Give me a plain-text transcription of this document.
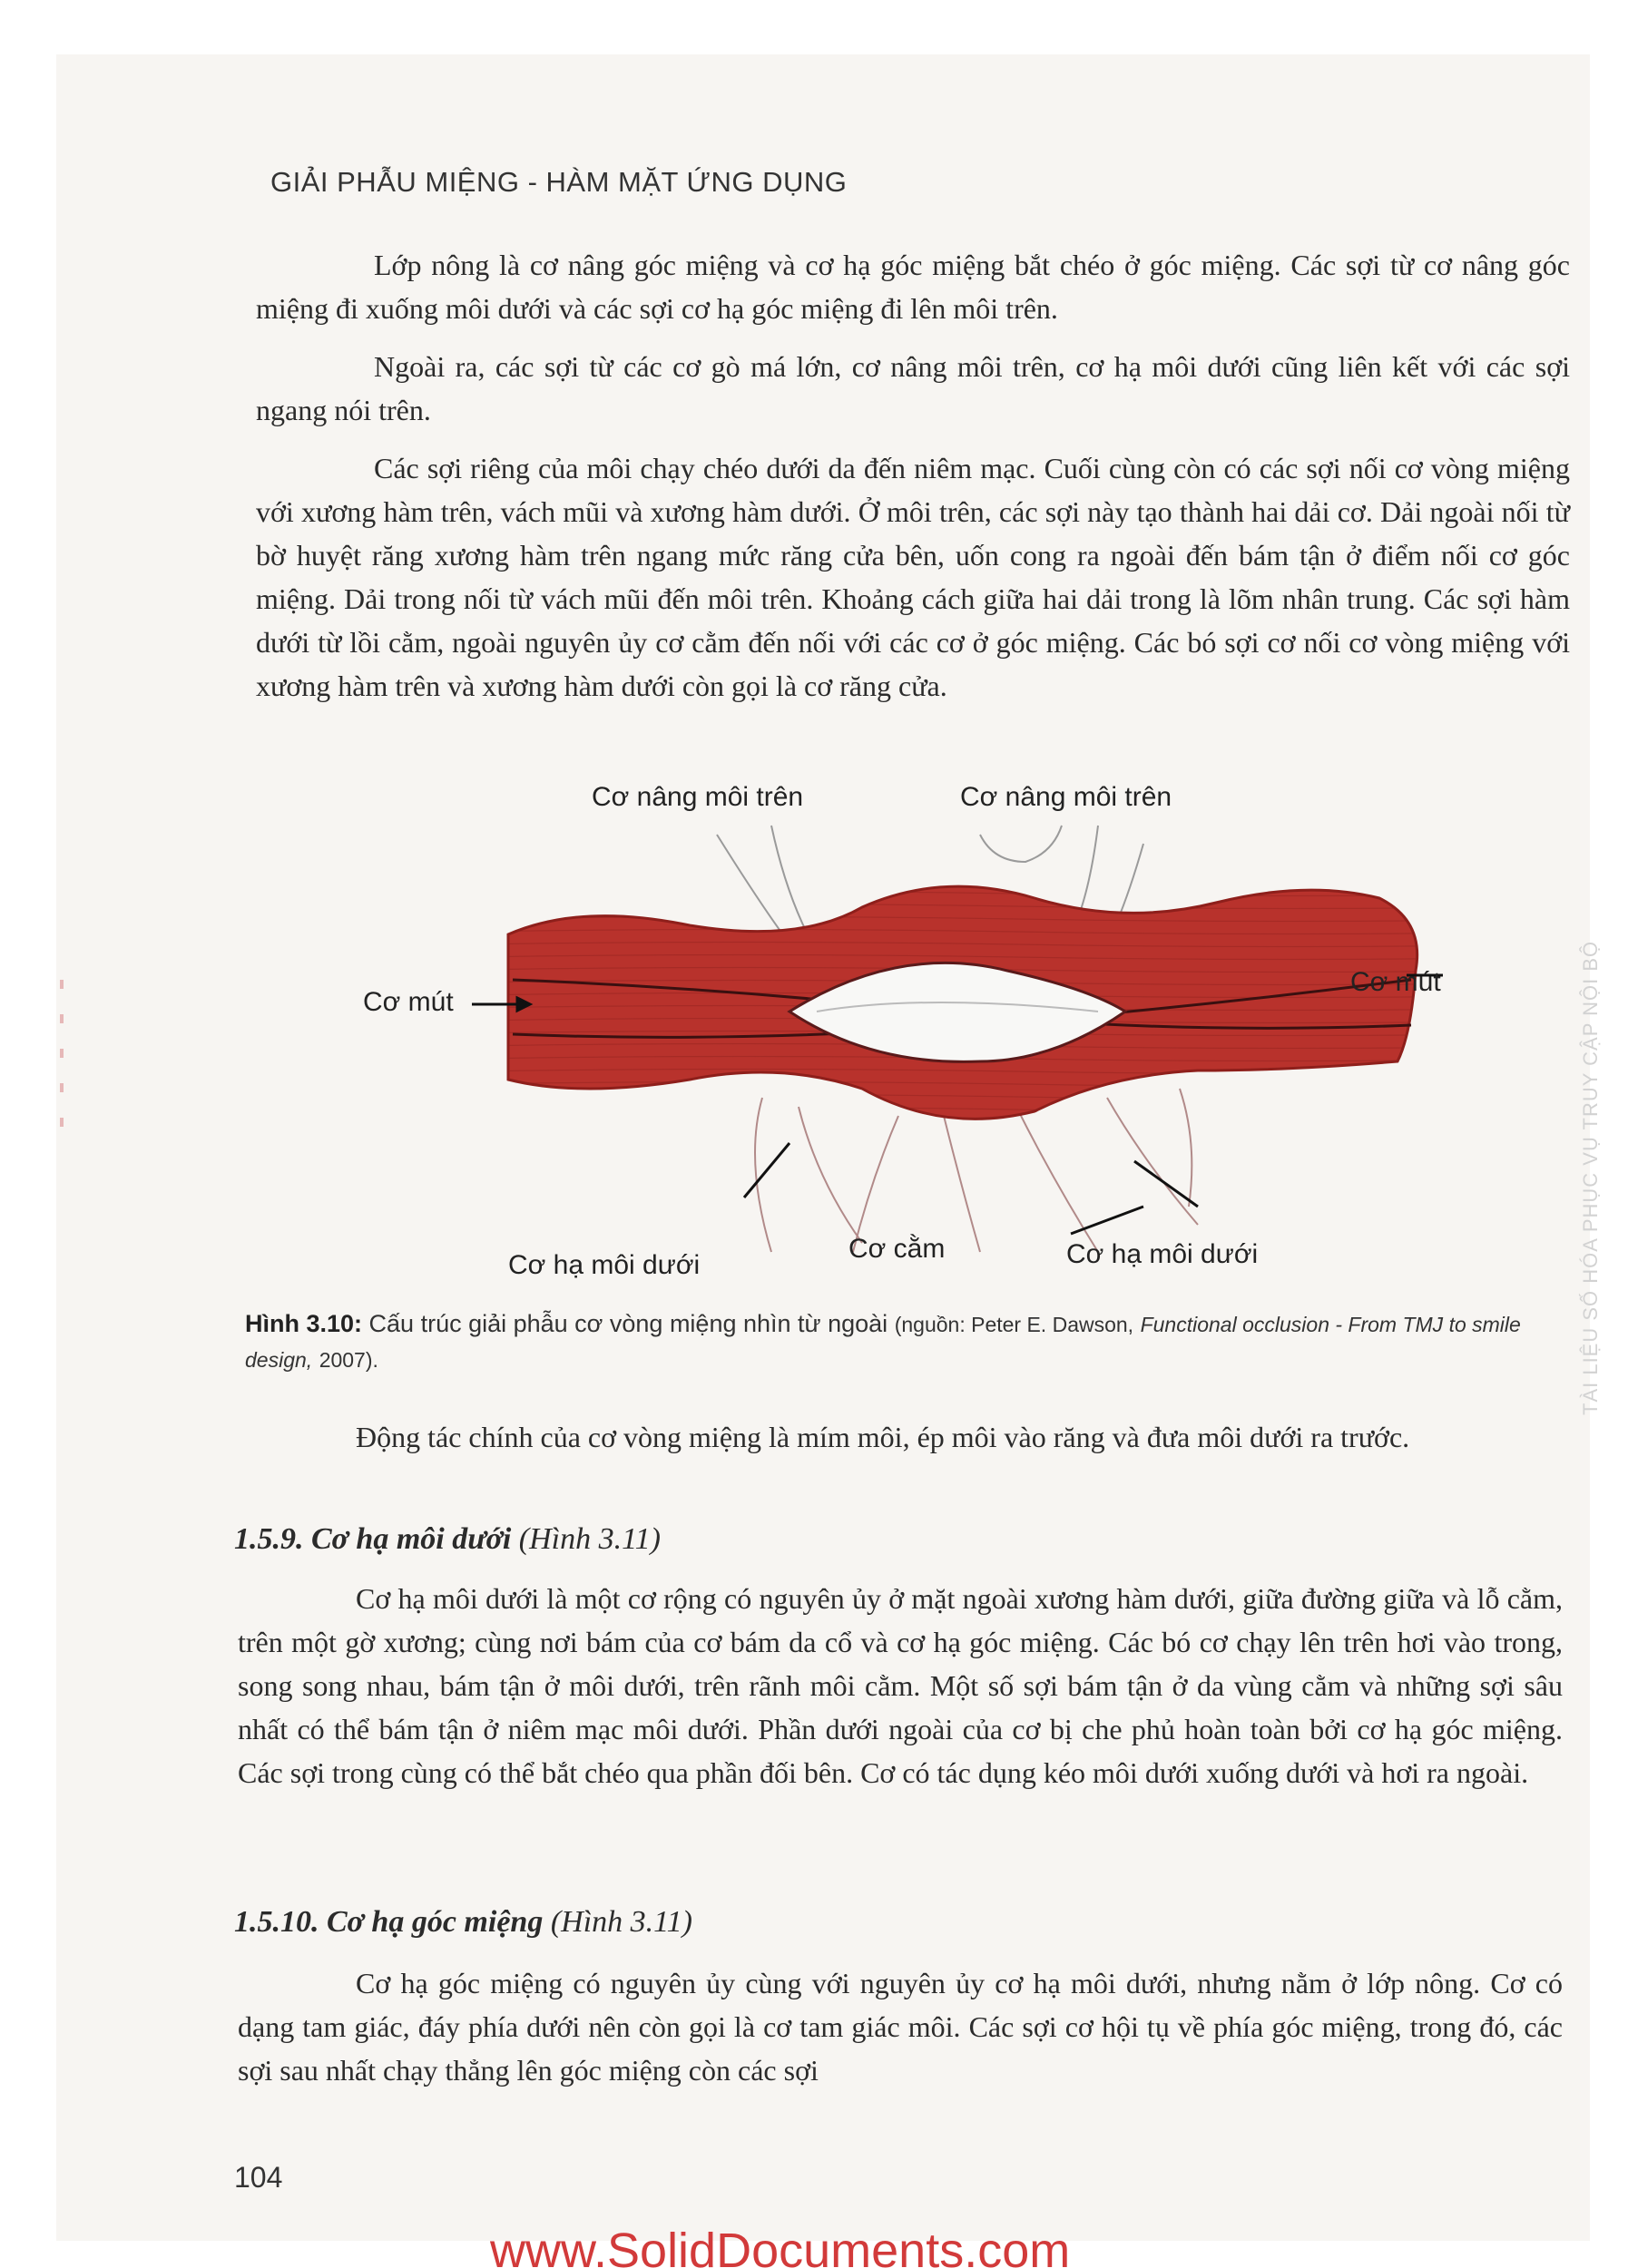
GIẢI PHẪU MIỆNG - HÀM MẶT ỨNG DỤNG

Lớp nông là cơ nâng góc miệng và cơ hạ góc miệng bắt chéo ở góc miệng. Các sợi từ cơ nâng góc miệng đi xuống môi dưới và các sợi cơ hạ góc miệng đi lên môi trên.

Ngoài ra, các sợi từ các cơ gò má lớn, cơ nâng môi trên, cơ hạ môi dưới cũng liên kết với các sợi ngang nói trên.

Các sợi riêng của môi chạy chéo dưới da đến niêm mạc. Cuối cùng còn có các sợi nối cơ vòng miệng với xương hàm trên, vách mũi và xương hàm dưới. Ở môi trên, các sợi này tạo thành hai dải cơ. Dải ngoài nối từ bờ huyệt răng xương hàm trên ngang mức răng cửa bên, uốn cong ra ngoài đến bám tận ở điểm nối cơ góc miệng. Dải trong nối từ vách mũi đến môi trên. Khoảng cách giữa hai dải trong là lõm nhân trung. Các sợi hàm dưới từ lồi cằm, ngoài nguyên ủy cơ cằm đến nối với các cơ ở góc miệng. Các bó sợi cơ nối cơ vòng miệng với xương hàm trên và xương hàm dưới còn gọi là cơ răng cửa.

Cơ nâng môi trên	Cơ nâng môi trên
Cơ mút
Cơ mút
Cơ hạ môi dưới
Cơ cằm	Cơ hạ môi dưới
Hình 3.10: Cấu trúc giải phẫu cơ vòng miệng nhìn từ ngoài (nguồn: Peter E. Dawson, Functional occlusion - From TMJ to smile design, 2007).

Động tác chính của cơ vòng miệng là mím môi, ép môi vào răng và đưa môi dưới ra trước.

1.5.9. Cơ hạ môi dưới (Hình 3.11)

Cơ hạ môi dưới là một cơ rộng có nguyên ủy ở mặt ngoài xương hàm dưới, giữa đường giữa và lỗ cằm, trên một gờ xương; cùng nơi bám của cơ bám da cổ và cơ hạ góc miệng. Các bó cơ chạy lên trên hơi vào trong, song song nhau, bám tận ở môi dưới, trên rãnh môi cằm. Một số sợi bám tận ở da vùng cằm và những sợi sâu nhất có thể bám tận ở niêm mạc môi dưới. Phần dưới ngoài của cơ bị che phủ hoàn toàn bởi cơ hạ góc miệng. Các sợi trong cùng có thể bắt chéo qua phần đối bên. Cơ có tác dụng kéo môi dưới xuống dưới và hơi ra ngoài.

1.5.10. Cơ hạ góc miệng (Hình 3.11)

Cơ hạ góc miệng có nguyên ủy cùng với nguyên ủy cơ hạ môi dưới, nhưng nằm ở lớp nông. Cơ có dạng tam giác, đáy phía dưới nên còn gọi là cơ tam giác môi. Các sợi cơ hội tụ về phía góc miệng, trong đó, các sợi sau nhất chạy thẳng lên góc miệng còn các sợi

104
TÀI LIỆU SỐ HÓA PHỤC VỤ TRUY CẬP NỘI BỘ
www.SolidDocuments.com
